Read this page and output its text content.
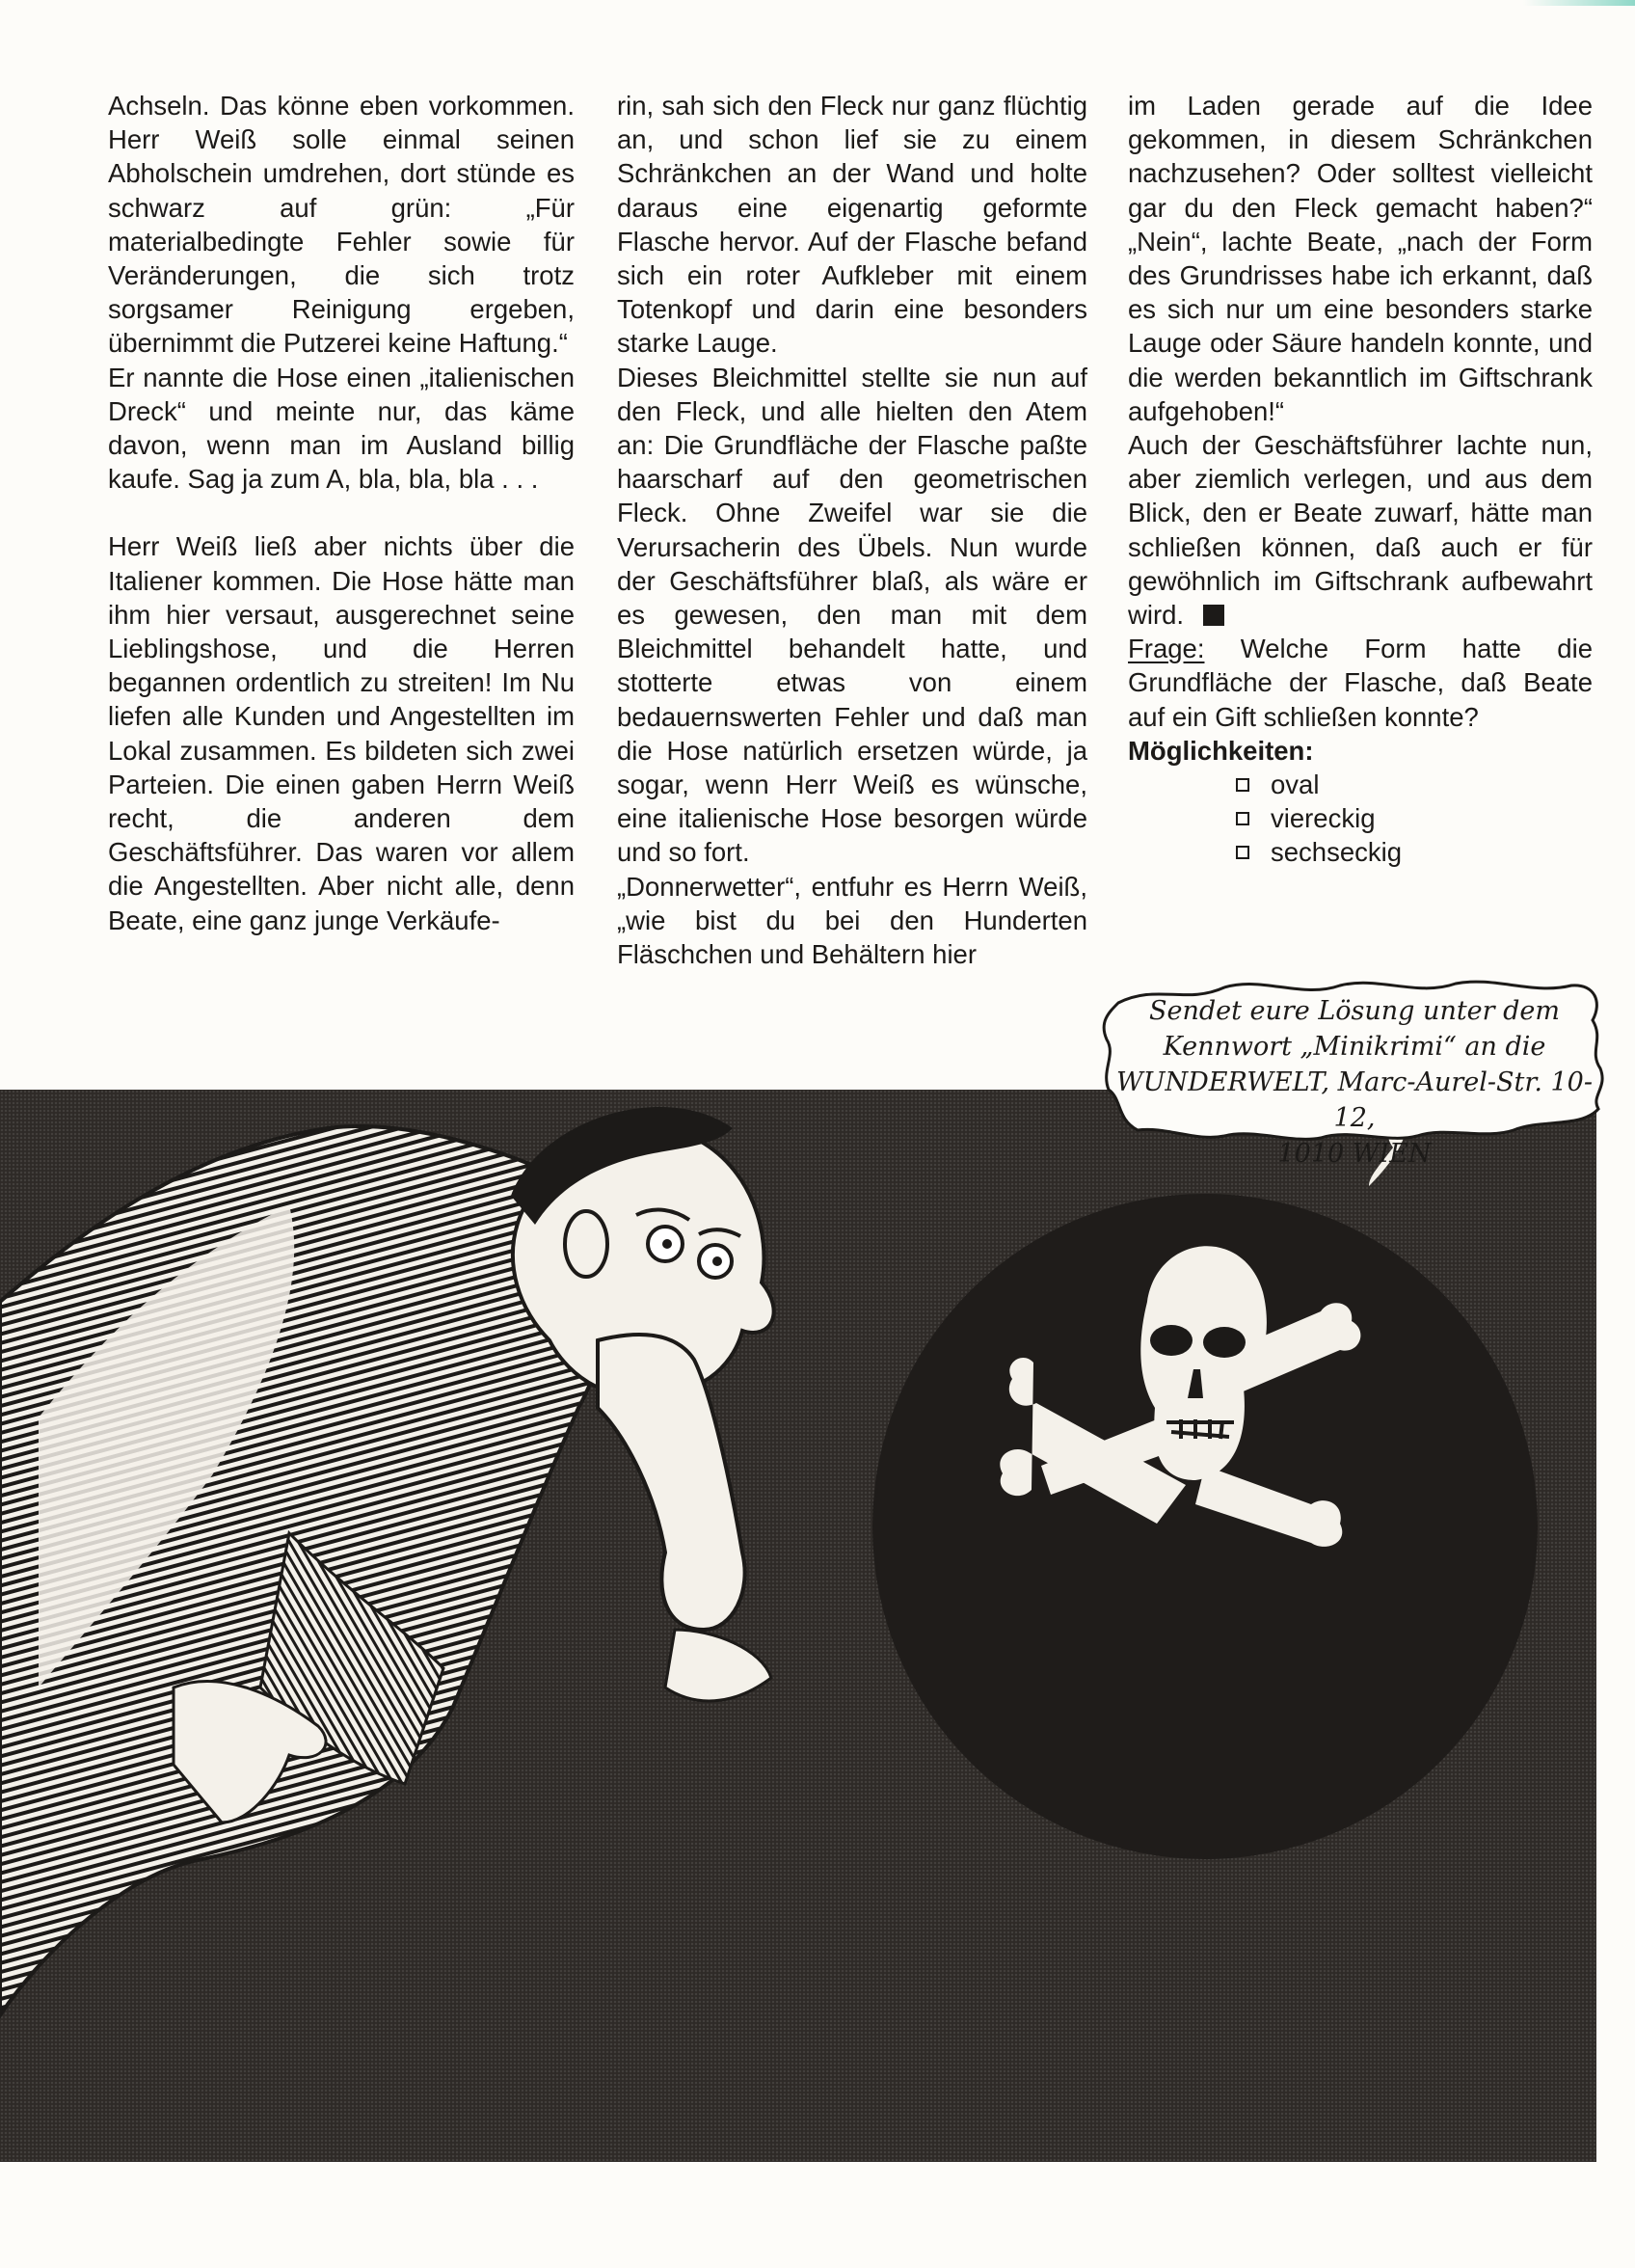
Achseln. Das könne eben vorkommen. Herr Weiß solle einmal seinen Abholschein umdrehen, dort stünde es schwarz auf grün: „Für materialbedingte Fehler sowie für Veränderungen, die sich trotz sorgsamer Reinigung ergeben, übernimmt die Putzerei keine Haftung.“

Er nannte die Hose einen „italienischen Dreck“ und meinte nur, das käme davon, wenn man im Ausland billig kaufe. Sag ja zum A, bla, bla, bla . . .

Herr Weiß ließ aber nichts über die Italiener kommen. Die Hose hätte man ihm hier versaut, ausgerechnet seine Lieblingshose, und die Herren begannen ordentlich zu streiten! Im Nu liefen alle Kunden und Angestellten im Lokal zusammen. Es bildeten sich zwei Parteien. Die einen gaben Herrn Weiß recht, die anderen dem Geschäftsführer. Das waren vor allem die Angestellten. Aber nicht alle, denn Beate, eine ganz junge Verkäufe-

rin, sah sich den Fleck nur ganz flüchtig an, und schon lief sie zu einem Schränkchen an der Wand und holte daraus eine eigenartig geformte Flasche hervor. Auf der Flasche befand sich ein roter Aufkleber mit einem Totenkopf und darin eine besonders starke Lauge.

Dieses Bleichmittel stellte sie nun auf den Fleck, und alle hielten den Atem an: Die Grundfläche der Flasche paßte haarscharf auf den geometrischen Fleck. Ohne Zweifel war sie die Verursacherin des Übels. Nun wurde der Geschäftsführer blaß, als wäre er es gewesen, den man mit dem Bleichmittel behandelt hatte, und stotterte etwas von einem bedauernswerten Fehler und daß man die Hose natürlich ersetzen würde, ja sogar, wenn Herr Weiß es wünsche, eine italienische Hose besorgen würde und so fort.

„Donnerwetter“, entfuhr es Herrn Weiß, „wie bist du bei den Hunderten Fläschchen und Behältern hier

im Laden gerade auf die Idee gekommen, in diesem Schränkchen nachzusehen? Oder solltest vielleicht gar du den Fleck gemacht haben?“ „Nein“, lachte Beate, „nach der Form des Grundrisses habe ich erkannt, daß es sich nur um eine besonders starke Lauge oder Säure handeln konnte, und die werden bekanntlich im Giftschrank aufgehoben!“

Auch der Geschäftsführer lachte nun, aber ziemlich verlegen, und aus dem Blick, den er Beate zuwarf, hätte man schließen können, daß auch er für gewöhnlich im Giftschrank aufbewahrt wird.

Frage: Welche Form hatte die Grundfläche der Flasche, daß Beate auf ein Gift schließen konnte?

Möglichkeiten:

oval
viereckig
sechseckig
Sendet eure Lösung unter dem
Kennwort „Minikrimi“ an die
WUNDERWELT, Marc-Aurel-Str. 10-12,
1010 WIEN
